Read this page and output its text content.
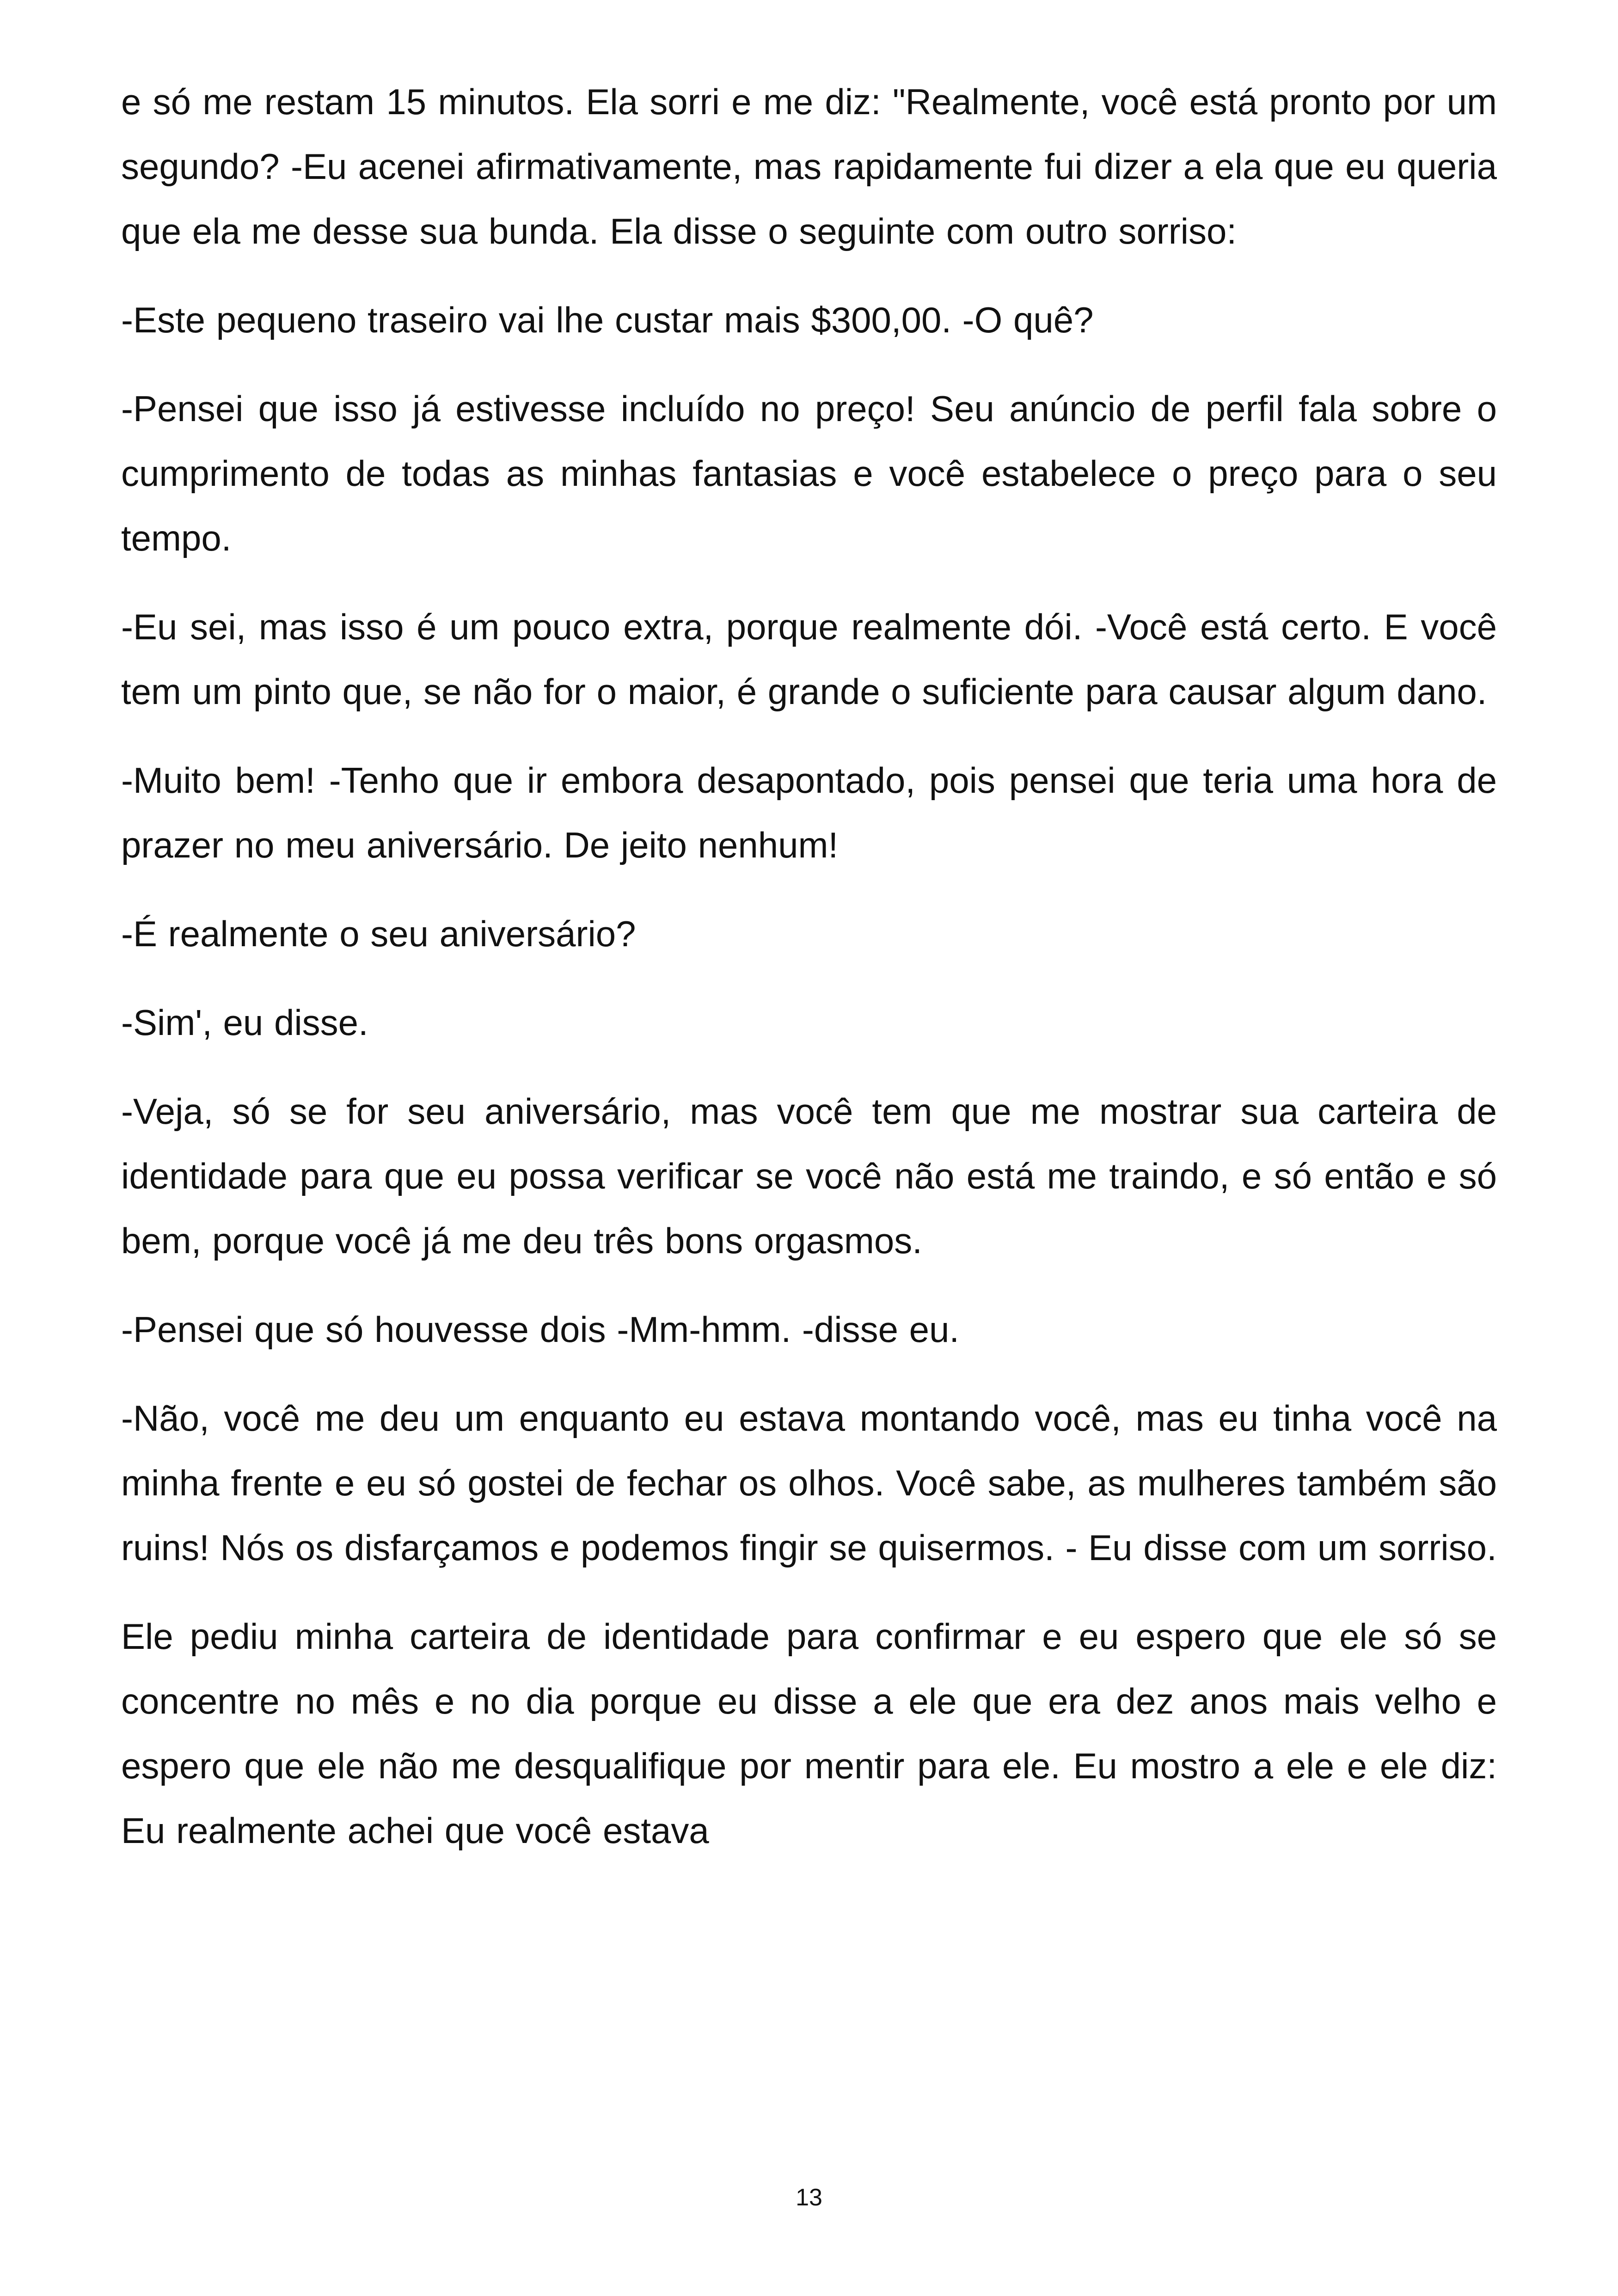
e só me restam 15 minutos. Ela sorri e me diz: "Realmente, você está pronto por um segundo? -Eu acenei afirmativamente, mas rapidamente fui dizer a ela que eu queria que ela me desse sua bunda. Ela disse o seguinte com outro sorriso:

-Este pequeno traseiro vai lhe custar mais $300,00. -O quê?

-Pensei que isso já estivesse incluído no preço! Seu anúncio de perfil fala sobre o cumprimento de todas as minhas fantasias e você estabelece o preço para o seu tempo.

-Eu sei, mas isso é um pouco extra, porque realmente dói. -Você está certo. E você tem um pinto que, se não for o maior, é grande o suficiente para causar algum dano.

-Muito bem! -Tenho que ir embora desapontado, pois pensei que teria uma hora de prazer no meu aniversário. De jeito nenhum!

-É realmente o seu aniversário?

-Sim', eu disse.

-Veja, só se for seu aniversário, mas você tem que me mostrar sua carteira de identidade para que eu possa verificar se você não está me traindo, e só então e só bem, porque você já me deu três bons orgasmos.

-Pensei que só houvesse dois -Mm-hmm. -disse eu.

-Não, você me deu um enquanto eu estava montando você, mas eu tinha você na minha frente e eu só gostei de fechar os olhos. Você sabe, as mulheres também são ruins! Nós os disfarçamos e podemos fingir se quisermos. - Eu disse com um sorriso.

Ele pediu minha carteira de identidade para confirmar e eu espero que ele só se concentre no mês e no dia porque eu disse a ele que era dez anos mais velho e espero que ele não me desqualifique por mentir para ele. Eu mostro a ele e ele diz: Eu realmente achei que você estava

13
